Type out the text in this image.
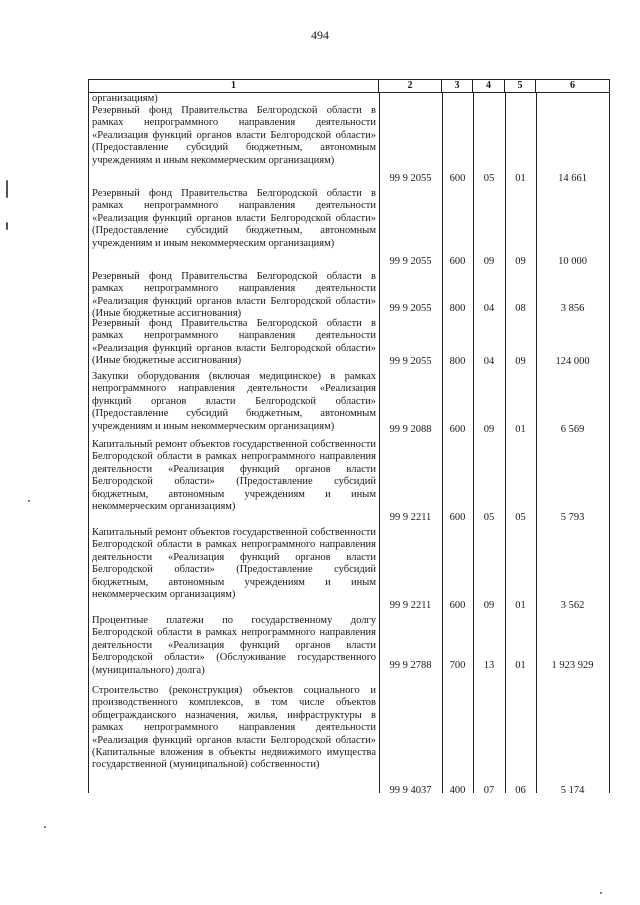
494
1	2	3	4	5	6
организациям)
Резервный фонд Правительства Белгородской области в рамках непрограммного направления деятельности «Реализация функций органов власти Белгородской области» (Предоставление субсидий бюджетным, автономным учреждениям и иным некоммерческим организациям)
99 9 2055	600	05	01	14 661
Резервный фонд Правительства Белгородской области в рамках непрограммного направления деятельности «Реализация функций органов власти Белгородской области» (Предоставление субсидий бюджетным, автономным учреждениям и иным некоммерческим организациям)
99 9 2055	600	09	09	10 000
Резервный фонд Правительства Белгородской области в рамках непрограммного направления деятельности «Реализация функций органов власти Белгородской области» (Иные бюджетные ассигнования)	99 9 2055	800	04	08	3 856
Резервный фонд Правительства Белгородской области в рамках непрограммного направления деятельности «Реализация функций органов власти Белгородской области» (Иные бюджетные ассигнования)	99 9 2055	800	04	09	124 000
Закупки оборудования (включая медицинское) в рамках непрограммного направления деятельности «Реализация функций органов власти Белгородской области» (Предоставление субсидий бюджетным, автономным учреждениям и иным некоммерческим организациям)	99 9 2088	600	09	01	6 569
Капитальный ремонт объектов государственной собственности Белгородской области в рамках непрограммного направления деятельности «Реализация функций органов власти Белгородской области» (Предоставление субсидий бюджетным, автономным учреждениям и иным некоммерческим организациям)
99 9 2211	600	05	05	5 793
Капитальный ремонт объектов государственной собственности Белгородской области в рамках непрограммного направления деятельности «Реализация функций органов власти Белгородской области» (Предоставление субсидий бюджетным, автономным учреждениям и иным некоммерческим организациям)
99 9 2211	600	09	01	3 562
Процентные платежи по государственному долгу Белгородской области в рамках непрограммного направления деятельности «Реализация функций органов власти Белгородской области» (Обслуживание государственного (муниципального) долга)	99 9 2788	700	13	01	1 923 929
Строительство (реконструкция) объектов социального и производственного комплексов, в том числе объектов общегражданского назначения, жилья, инфраструктуры в рамках непрограммного направления деятельности «Реализация функций органов власти Белгородской области» (Капитальные вложения в объекты недвижимого имущества государственной (муниципальной) собственности)
99 9 4037	400	07	06	5 174
